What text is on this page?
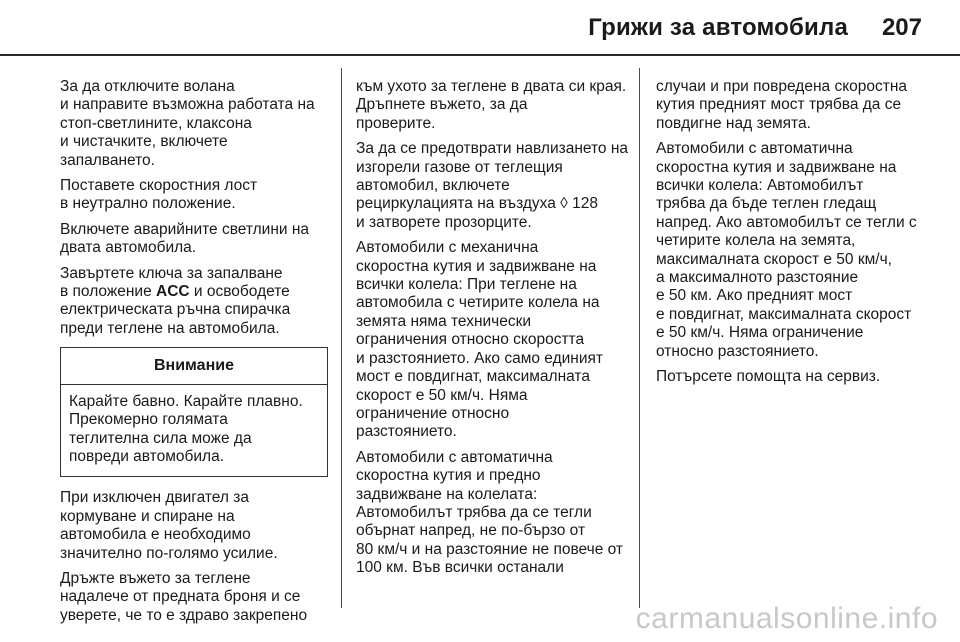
Грижи за автомобила 207

За да отключите волана
и направите възможна работата на стоп-светлините, клаксона
и чистачките, включете
запалването.

Поставете скоростния лост
в неутрално положение.

Включете аварийните светлини на двата автомобила.

Завъртете ключа за запалване
в положение ACC и освободете електрическата ръчна спирачка преди теглене на автомобила.

Внимание
Карайте бавно. Карайте плавно. Прекомерно голямата
теглителна сила може да
повреди автомобила.

При изключен двигател за
кормуване и спиране на
автомобила е необходимо
значително по-голямо усилие.

Дръжте въжето за теглене
надалече от предната броня и се уверете, че то е здраво закрепено

към ухото за теглене в двата си края. Дръпнете въжето, за да
проверите.

За да се предотврати навлизането на изгорели газове от теглещия
автомобил, включете
рециркулацията на въздуха ◊ 128
и затворете прозорците.

Автомобили с механична
скоростна кутия и задвижване на всички колела: При теглене на
автомобила с четирите колела на земята няма технически
ограничения относно скоростта
и разстоянието. Ако само единият мост е повдигнат, максималната
скорост е 50 км/ч. Няма
ограничение относно
разстоянието.

Автомобили с автоматична
скоростна кутия и предно
задвижване на колелата:
Автомобилът трябва да се тегли обърнат напред, не по-бързо от
80 км/ч и на разстояние не повече от 100 км. Във всички останали

случаи и при повредена скоростна кутия предният мост трябва да се повдигне над земята.

Автомобили с автоматична
скоростна кутия и задвижване на всички колела: Автомобилът
трябва да бъде теглен гледащ
напред. Ако автомобилът се тегли с четирите колела на земята,
максималната скорост е 50 км/ч,
а максималното разстояние
е 50 км. Ако предният мост
е повдигнат, максималната скорост е 50 км/ч. Няма ограничение
относно разстоянието.

Потърсете помощта на сервиз.

carmanualsonline.info
